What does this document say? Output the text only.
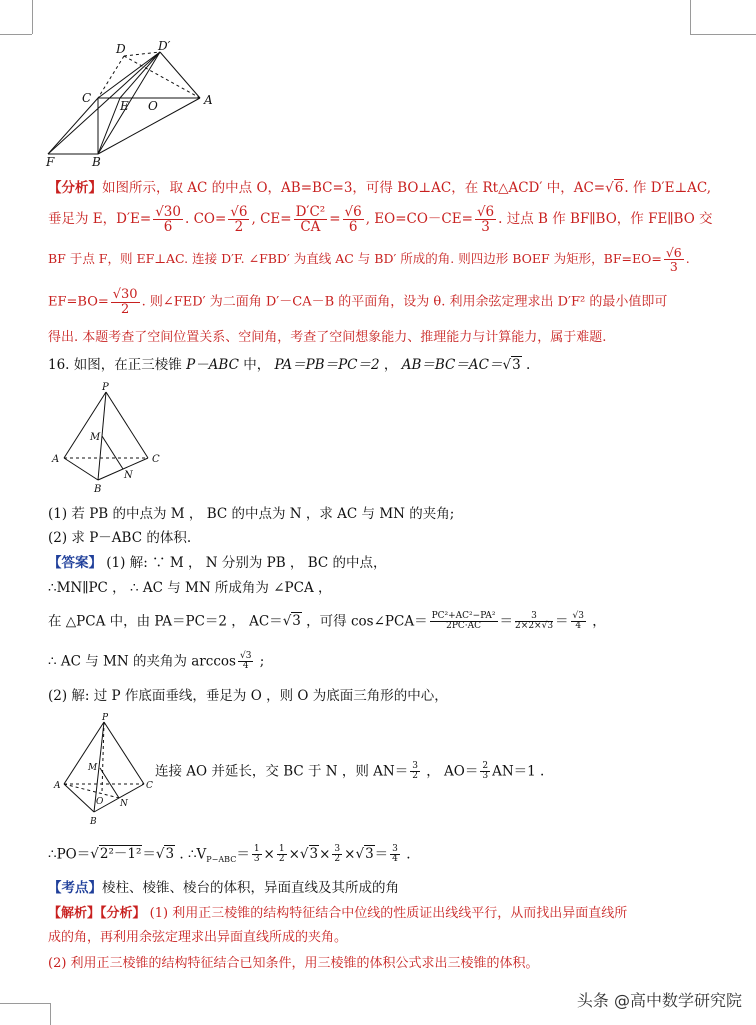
D	D′
C
E O	A
F	B
【分析】如图所示，取 AC 的中点 O，AB=BC=3，可得 BO⊥AC，在 Rt△ACD′ 中，AC=√6. 作 D′E⊥AC,
垂足为 E，$D'E= \frac{√30}{6}$ . $CO= \frac{√6}{2}$ , $CE= \frac{\text{D′C²}}{CA} = \frac{√6}{6}$ , $EO=CO-CE= \frac{√6}{3}$ . 过点 B 作 BF∥BO，作 FE∥BO 交
BF 于点 F，则 EF⊥AC. 连接 D′F. ∠FBD′ 为直线 AC 与 BD′ 所成的角. 则四边形 BOEF 为矩形，$BF=EO= \frac{√6}{3}$ .
$EF=BO= \frac{√30}{2}$ . 则∠FED′ 为二面角 D′－CA－B 的平面角，设为 θ. 利用余弦定理求出 D′F² 的最小值即可
得出. 本题考查了空间位置关系、空间角，考查了空间想象能力、推理能力与计算能力，属于难题.
16. 如图，在正三棱锥 P－ABC 中， PA＝PB＝PC＝2 ， AB＝BC＝AC＝√3 .
P
M
A	C
N
B
(1) 若 PB 的中点为 M ， BC 的中点为 N ，求 AC 与 MN 的夹角;
(2) 求 P－ABC 的体积.
【答案】 (1) 解: ∵ M ， N 分别为 PB ， BC 的中点，
∴MN∥PC ， ∴ AC 与 MN 所成角为 ∠PCA ，
在 △PCA 中，由 PA＝PC＝2 ， AC＝√3 ，可得 cos∠PCA＝ $\frac{\text{PC²+AC²−PA²}}{2PC\cdot AC} = \frac{3}{2\times 2\times√3} = \frac{√3}{4}$ ，
∴ AC 与 MN 的夹角为 $\arccos \frac{√3}{4}$ ;
(2) 解: 过 P 作底面垂线，垂足为 O ，则 O 为底面三角形的中心，
P
M
A	C
O N
B
连接 AO 并延长，交 BC 于 N ，则 $AN= \frac{3}{2}$ ， $AO= \frac{2}{3} AN=1$ .
∴PO＝√2²－1²＝√3 . $\therefore V_{P-ABC}= \frac{1}{3} \times \frac{1}{2} \times√3\times \frac{3}{2} \times√3= \frac{3}{4}$ .
【考点】棱柱、棱锥、棱台的体积，异面直线及其所成的角
【解析】【分析】 (1) 利用正三棱锥的结构特征结合中位线的性质证出线线平行，从而找出异面直线所
成的角，再利用余弦定理求出异面直线所成的夹角。
(2) 利用正三棱锥的结构特征结合已知条件，用三棱锥的体积公式求出三棱锥的体积。
头条 @高中数学研究院
